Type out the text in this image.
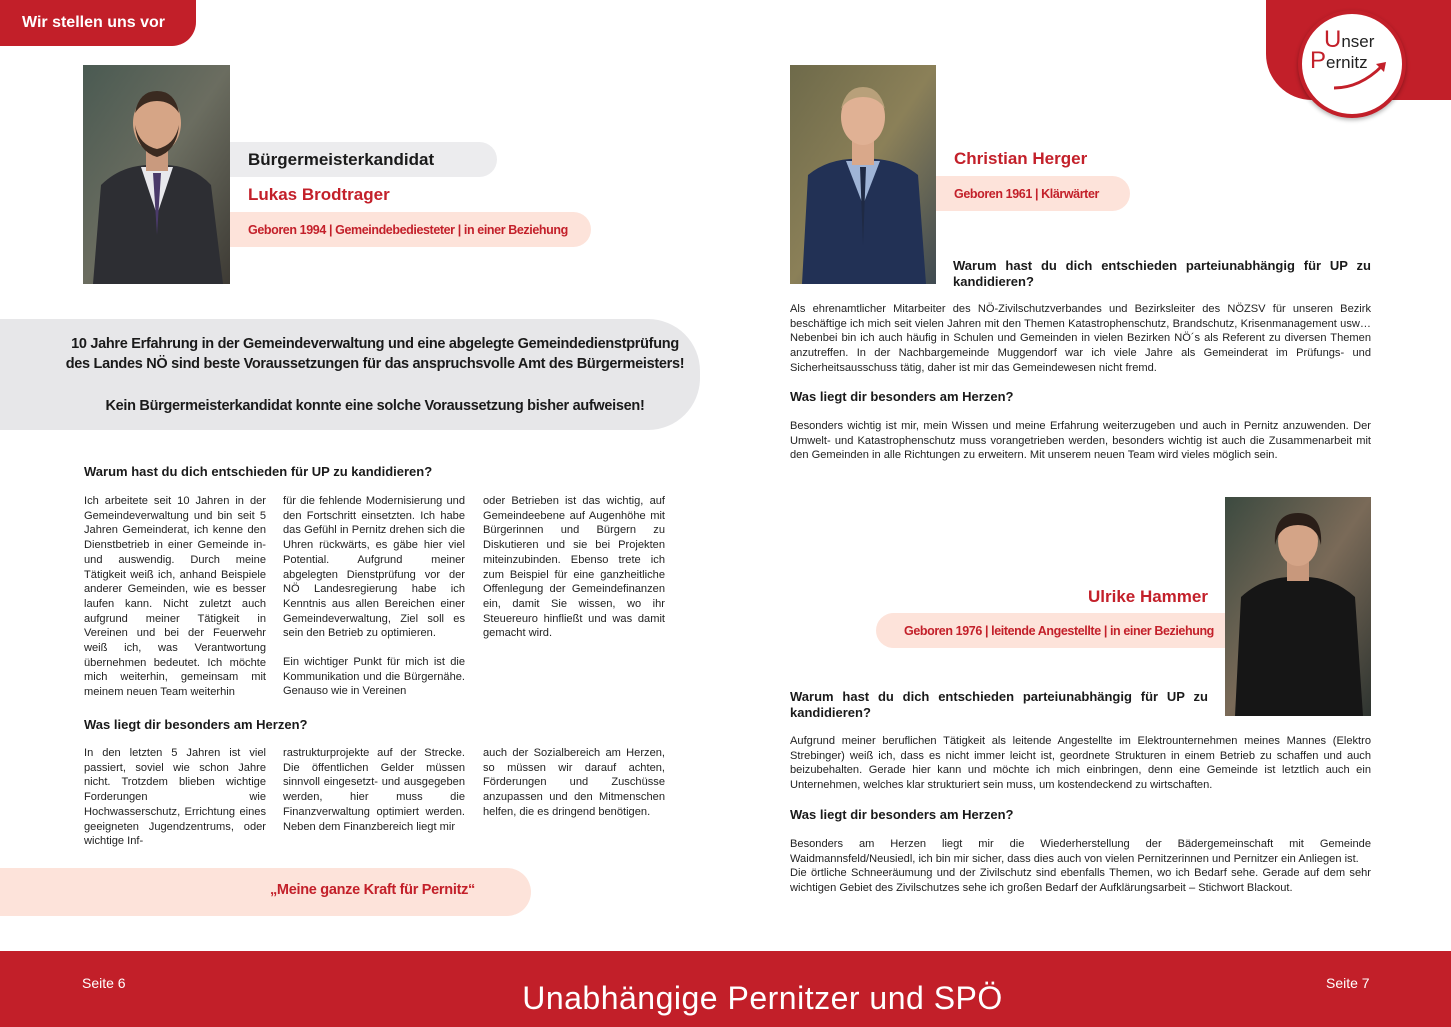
Wir stellen uns vor
Unser
Pernitz
Bürgermeisterkandidat
Lukas Brodtrager
Geboren 1994 | Gemeindebediesteter | in einer Beziehung
10 Jahre Erfahrung in der Gemeindeverwaltung und eine abgelegte Gemeindedienstprüfung
des Landes NÖ sind beste Voraussetzungen für das anspruchsvolle Amt des Bürgermeisters!
Kein Bürgermeisterkandidat konnte eine solche Voraussetzung bisher aufweisen!
Warum hast du dich entschieden für UP zu kandidieren?
Ich arbeitete seit 10 Jahren in der Gemeindeverwaltung und bin seit 5 Jahren Gemeinderat, ich kenne den Dienstbetrieb in einer Gemeinde in- und auswendig. Durch meine Tätigkeit weiß ich, anhand Beispiele anderer Gemeinden, wie es besser laufen kann. Nicht zuletzt auch aufgrund meiner Tätigkeit in Vereinen und bei der Feuerwehr weiß ich, was Verantwortung übernehmen bedeutet. Ich möchte mich weiterhin, gemeinsam mit meinem neuen Team weiterhin
für die fehlende Modernisierung und den Fortschritt einsetzten. Ich habe das Gefühl in Pernitz drehen sich die Uhren rückwärts, es gäbe hier viel Potential. Aufgrund meiner abgelegten Dienstprüfung vor der NÖ Landesregierung habe ich Kenntnis aus allen Bereichen einer Gemeindeverwaltung, Ziel soll es sein den Betrieb zu optimieren.
Ein wichtiger Punkt für mich ist die Kommunikation und die Bürgernähe. Genauso wie in Vereinen
oder Betrieben ist das wichtig, auf Gemeindeebene auf Augenhöhe mit Bürgerinnen und Bürgern zu Diskutieren und sie bei Projekten miteinzubinden. Ebenso trete ich zum Beispiel für eine ganzheitliche Offenlegung der Gemeindefinanzen ein, damit Sie wissen, wo ihr Steuereuro hinfließt und was damit gemacht wird.
Was liegt dir besonders am Herzen?
In den letzten 5 Jahren ist viel passiert, soviel wie schon Jahre nicht. Trotzdem blieben wichtige Forderungen wie Hochwasserschutz, Errichtung eines geeigneten Jugendzentrums, oder wichtige Inf-
rastrukturprojekte auf der Strecke. Die öffentlichen Gelder müssen sinnvoll eingesetzt- und ausgegeben werden, hier muss die Finanzverwaltung optimiert werden. Neben dem Finanzbereich liegt mir
auch der Sozialbereich am Herzen, so müssen wir darauf achten, Förderungen und Zuschüsse anzupassen und den Mitmenschen helfen, die es dringend benötigen.
„Meine ganze Kraft für Pernitz“
Christian Herger
Geboren 1961 | Klärwärter
Warum hast du dich entschieden parteiunabhängig für UP zu kandidieren?
Als ehrenamtlicher Mitarbeiter des NÖ-Zivilschutzverbandes und Bezirksleiter des NÖZSV für unseren Bezirk beschäftige ich mich seit vielen Jahren mit den Themen Katastrophenschutz, Brandschutz, Krisenmanagement usw… Nebenbei bin ich auch häufig in Schulen und Gemeinden in vielen Bezirken NÖ´s als Referent zu diversen Themen anzutreffen. In der Nachbargemeinde Muggendorf war ich viele Jahre als Gemeinderat im Prüfungs- und Sicherheitsausschuss tätig, daher ist mir das Gemeindewesen nicht fremd.
Was liegt dir besonders am Herzen?
Besonders wichtig ist mir, mein Wissen und meine Erfahrung weiterzugeben und auch in Pernitz anzuwenden. Der Umwelt- und Katastrophenschutz muss vorangetrieben werden, besonders wichtig ist auch die Zusammenarbeit mit den Gemeinden in alle Richtungen zu erweitern. Mit unserem neuen Team wird vieles möglich sein.
Ulrike Hammer
Geboren 1976 | leitende Angestellte | in einer Beziehung
Warum hast du dich entschieden parteiunabhängig für UP zu kandidieren?
Aufgrund meiner beruflichen Tätigkeit als leitende Angestellte im Elektrounternehmen meines Mannes (Elektro Strebinger) weiß ich, dass es nicht immer leicht ist, geordnete Strukturen in einem Betrieb zu schaffen und auch beizubehalten. Gerade hier kann und möchte ich mich einbringen, denn eine Gemeinde ist letztlich auch ein Unternehmen, welches klar strukturiert sein muss, um kostendeckend zu wirtschaften.
Was liegt dir besonders am Herzen?
Besonders am Herzen liegt mir die Wiederherstellung der Bädergemeinschaft mit Gemeinde Waidmannsfeld/Neusiedl, ich bin mir sicher, dass dies auch von vielen Pernitzerinnen und Pernitzer ein Anliegen ist.
Die örtliche Schneeräumung und der Zivilschutz sind ebenfalls Themen, wo ich Bedarf sehe. Gerade auf dem sehr wichtigen Gebiet des Zivilschutzes sehe ich großen Bedarf der Aufklärungsarbeit – Stichwort Blackout.
Seite 6	Seite 7
Unabhängige Pernitzer und SPÖ
